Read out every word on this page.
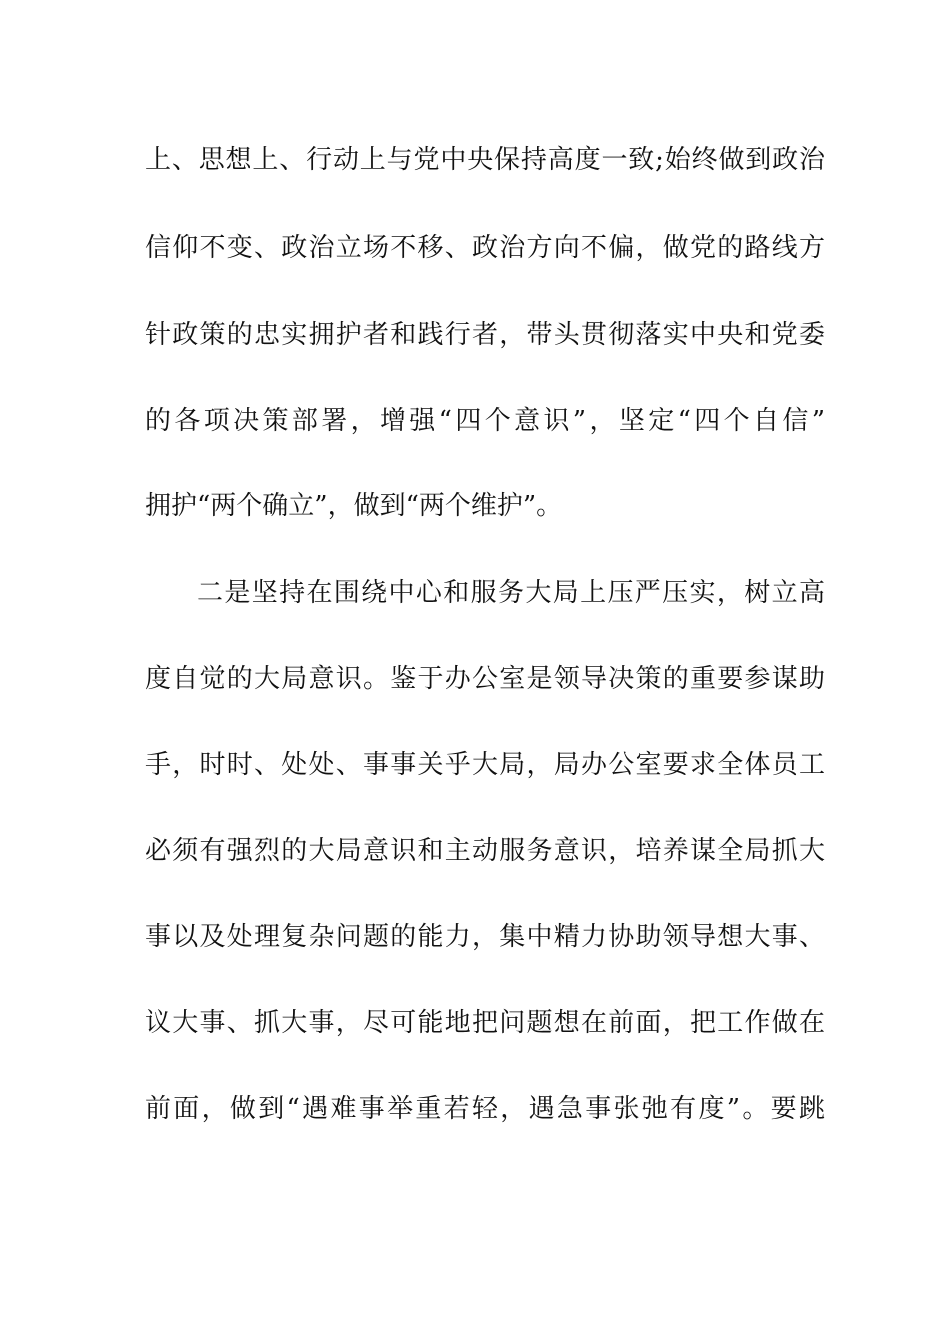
上、思想上、行动上与党中央保持高度一致;始终做到政治
信仰不变、政治立场不移、政治方向不偏，做党的路线方
针政策的忠实拥护者和践行者，带头贯彻落实中央和党委
的各项决策部署，增强“四个意识”，坚定“四个自信”
拥护“两个确立”，做到“两个维护”。
二是坚持在围绕中心和服务大局上压严压实，树立高
度自觉的大局意识。鉴于办公室是领导决策的重要参谋助
手，时时、处处、事事关乎大局，局办公室要求全体员工
必须有强烈的大局意识和主动服务意识，培养谋全局抓大
事以及处理复杂问题的能力，集中精力协助领导想大事、
议大事、抓大事，尽可能地把问题想在前面，把工作做在
前面，做到“遇难事举重若轻，遇急事张弛有度”。要跳
